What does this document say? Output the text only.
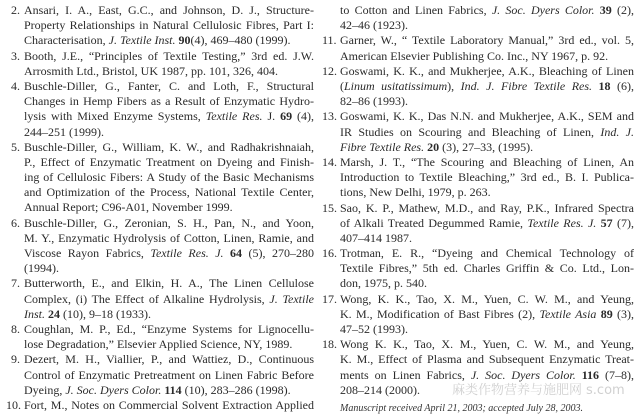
2. Ansari, I. A., East, G.C., and Johnson, D. J., Structure-
Property Relationships in Natural Cellulosic Fibres, Part I:
Characterisation, J. Textile Inst. 90(4), 469–480 (1999).
3. Booth, J.E., “Principles of Textile Testing,” 3rd ed. J.W.
Arrosmith Ltd., Bristol, UK 1987, pp. 101, 326, 404.
4. Buschle-Diller, G., Fanter, C. and Loth, F., Structural
Changes in Hemp Fibers as a Result of Enzymatic Hydro-
lysis with Mixed Enzyme Systems, Textile Res. J. 69 (4),
244–251 (1999).
5. Buschle-Diller, G., William, K. W., and Radhakrishnaiah,
P., Effect of Enzymatic Treatment on Dyeing and Finish-
ing of Cellulosic Fibers: A Study of the Basic Mechanisms
and Optimization of the Process, National Textile Center,
Annual Report; C96-A01, November 1999.
6. Buschle-Diller, G., Zeronian, S. H., Pan, N., and Yoon,
M. Y., Enzymatic Hydrolysis of Cotton, Linen, Ramie, and
Viscose Rayon Fabrics, Textile Res. J. 64 (5), 270–280
(1994).
7. Butterworth, E., and Elkin, H. A., The Linen Cellulose
Complex, (i) The Effect of Alkaline Hydrolysis, J. Textile
Inst. 24 (10), 9–18 (1933).
8. Coughlan, M. P., Ed., “Enzyme Systems for Lignocellu-
lose Degradation,” Elsevier Applied Science, NY, 1989.
9. Dezert, M. H., Viallier, P., and Wattiez, D., Continuous
Control of Enzymatic Pretreatment on Linen Fabric Before
Dyeing, J. Soc. Dyers Color. 114 (10), 283–286 (1998).
10. Fort, M., Notes on Commercial Solvent Extraction Applied
to Cotton and Linen Fabrics, J. Soc. Dyers Color. 39 (2),
42–46 (1923).
11. Garner, W., “ Textile Laboratory Manual,” 3rd ed., vol. 5,
American Elsevier Publishing Co. Inc., NY 1967, p. 92.
12. Goswami, K. K., and Mukherjee, A.K., Bleaching of Linen
(Linum usitatissimum), Ind. J. Fibre Textile Res. 18 (6),
82–86 (1993).
13. Goswami, K. K., Das N.N. and Mukherjee, A.K., SEM and
IR Studies on Scouring and Bleaching of Linen, Ind. J.
Fibre Textile Res. 20 (3), 27–33, (1995).
14. Marsh, J. T., “The Scouring and Bleaching of Linen, An
Introduction to Textile Bleaching,” 3rd ed., B. I. Publica-
tions, New Delhi, 1979, p. 263.
15. Sao, K. P., Mathew, M.D., and Ray, P.K., Infrared Spectra
of Alkali Treated Degummed Ramie, Textile Res. J. 57 (7),
407–414 1987.
16. Trotman, E. R., “Dyeing and Chemical Technology of
Textile Fibres,” 5th ed. Charles Griffin & Co. Ltd., Lon-
don, 1975, p. 540.
17. Wong, K. K., Tao, X. M., Yuen, C. W. M., and Yeung,
K. M., Modification of Bast Fibres (2), Textile Asia 89 (3),
47–52 (1993).
18. Wong K. K., Tao, X. M., Yuen, C. W. M., and Yeung,
K. M., Effect of Plasma and Subsequent Enzymatic Treat-
ments on Linen Fabrics, J. Soc. Dyers Color. 116 (7–8),
208–214 (2000). 麻类作物营养与施肥网 s.com
Manuscript received April 21, 2003; accepted July 28, 2003.
